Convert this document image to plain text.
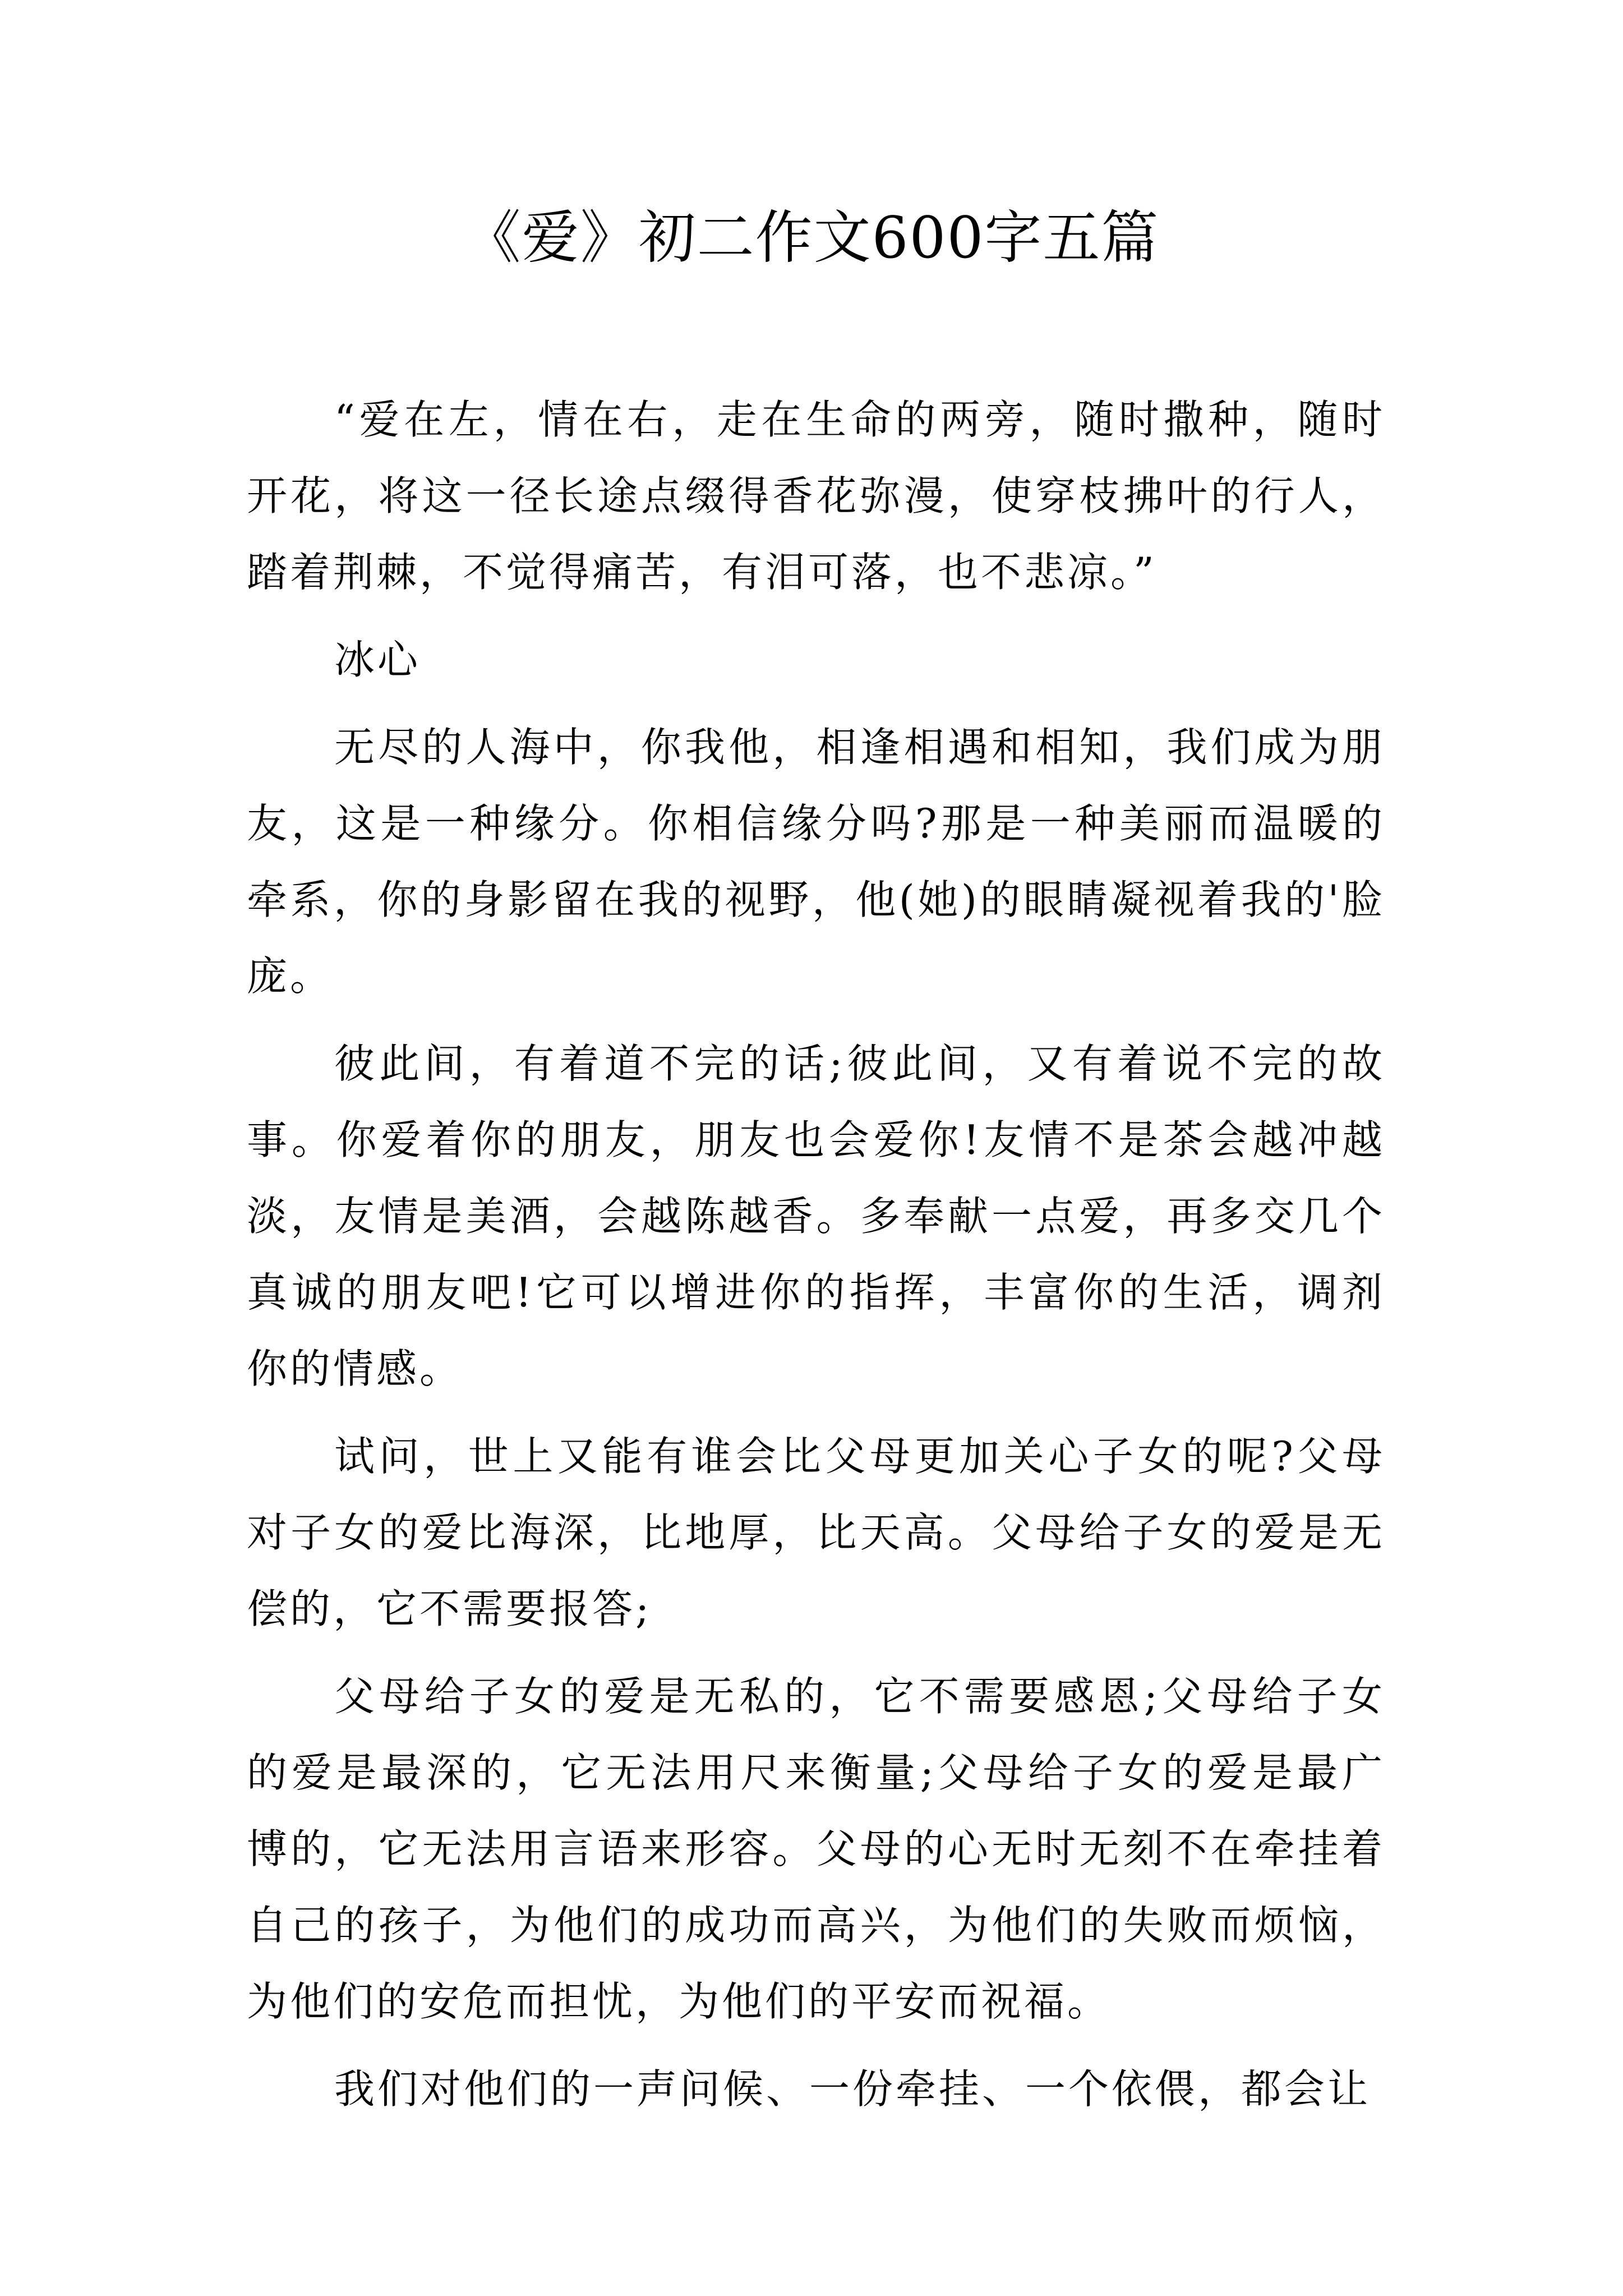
《爱》初二作文600字五篇

“爱在左，情在右，走在生命的两旁，随时撒种，随时开花，将这一径长途点缀得香花弥漫，使穿枝拂叶的行人，踏着荆棘，不觉得痛苦，有泪可落，也不悲凉。”

冰心

无尽的人海中，你我他，相逢相遇和相知，我们成为朋友，这是一种缘分。你相信缘分吗?那是一种美丽而温暖的牵系，你的身影留在我的视野，他(她)的眼睛凝视着我的'脸庞。

彼此间，有着道不完的话;彼此间，又有着说不完的故事。你爱着你的朋友，朋友也会爱你!友情不是茶会越冲越淡，友情是美酒，会越陈越香。多奉献一点爱，再多交几个真诚的朋友吧!它可以增进你的指挥，丰富你的生活，调剂你的情感。

试问，世上又能有谁会比父母更加关心子女的呢?父母对子女的爱比海深，比地厚，比天高。父母给子女的爱是无偿的，它不需要报答;

父母给子女的爱是无私的，它不需要感恩;父母给子女的爱是最深的，它无法用尺来衡量;父母给子女的爱是最广博的，它无法用言语来形容。父母的心无时无刻不在牵挂着自己的孩子，为他们的成功而高兴，为他们的失败而烦恼，为他们的安危而担忧，为他们的平安而祝福。

我们对他们的一声问候、一份牵挂、一个依偎，都会让
